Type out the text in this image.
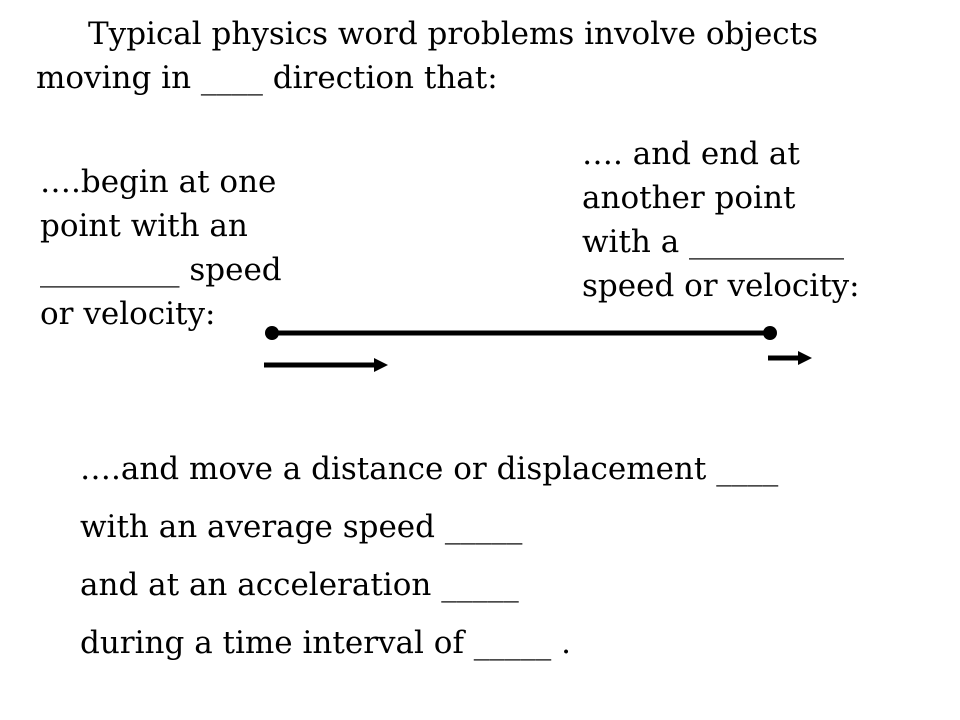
Typical physics word problems involve objects
moving in ____ direction that:

….begin at one
point with an
_________ speed
or velocity:

…. and end at
another point
with a __________
speed or velocity:

….and move a distance or displacement ____
with an average speed _____
and at an acceleration _____
during a time interval of _____ .
